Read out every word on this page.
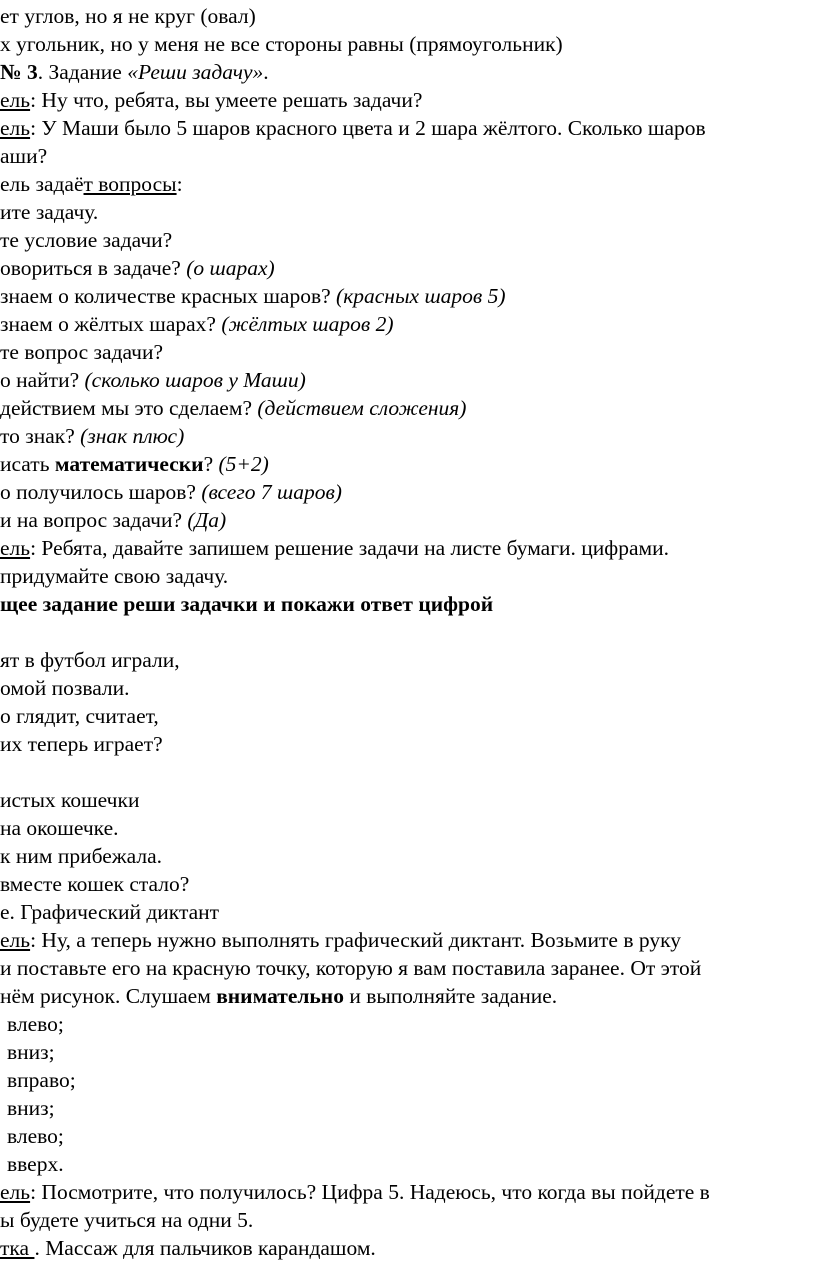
ет углов, но я не круг (овал)
х угольник, но у меня не все стороны равны (прямоугольник)
№ 3. Задание «Реши задачу».
ель: Ну что, ребята, вы умеете решать задачи?
ель: У Маши было 5 шаров красного цвета и 2 шара жёлтого. Сколько шаров
аши?
ель задаёт вопросы:
ите задачу.
те условие задачи?
овориться в задаче? (о шарах)
знаем о количестве красных шаров? (красных шаров 5)
знаем о жёлтых шарах? (жёлтых шаров 2)
те вопрос задачи?
о найти? (сколько шаров у Маши)
действием мы это сделаем? (действием сложения)
то знак? (знак плюс)
исать математически? (5+2)
о получилось шаров? (всего 7 шаров)
и на вопрос задачи? (Да)
ель: Ребята, давайте запишем решение задачи на листе бумаги. цифрами.
придумайте свою задачу.
щее задание реши задачки и покажи ответ цифрой
ят в футбол играли,
омой позвали.
о глядит, считает,
их теперь играет?
истых кошечки
на окошечке.
к ним прибежала.
вместе кошек стало?
е. Графический диктант
ель: Ну, а теперь нужно выполнять графический диктант. Возьмите в руку
и поставьте его на красную точку, которую я вам поставила заранее. От этой
нём рисунок. Слушаем внимательно и выполняйте задание.
влево;
вниз;
вправо;
вниз;
влево;
вверх.
ель: Посмотрите, что получилось? Цифра 5. Надеюсь, что когда вы пойдете в
ы будете учиться на одни 5.
тка . Массаж для пальчиков карандашом.
